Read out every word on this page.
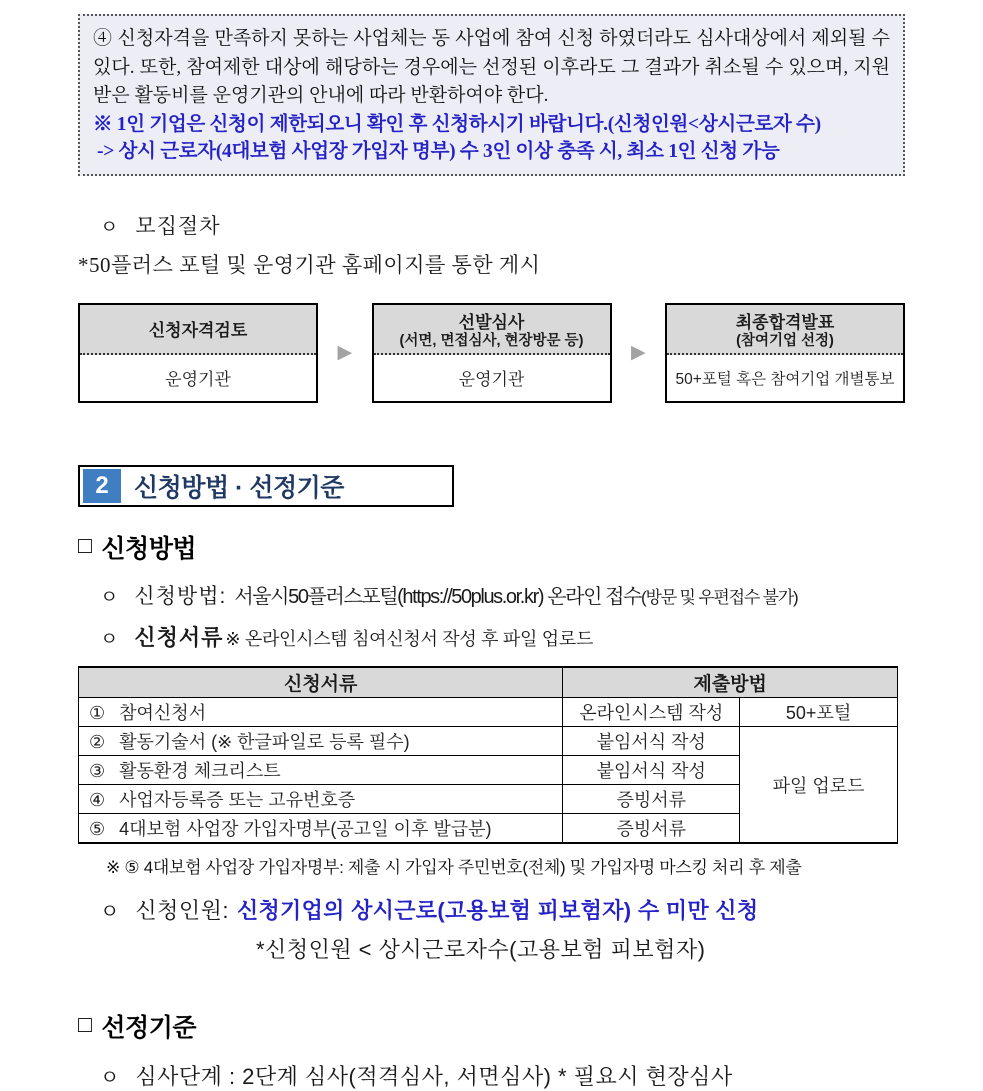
④ 신청자격을 만족하지 못하는 사업체는 동 사업에 참여 신청 하였더라도 심사대상에서 제외될 수 있다. 또한, 참여제한 대상에 해당하는 경우에는 선정된 이후라도 그 결과가 취소될 수 있으며, 지원받은 활동비를 운영기관의 안내에 따라 반환하여야 한다.
※ 1인 기업은 신청이 제한되오니 확인 후 신청하시기 바랍니다.(신청인원<상시근로자 수)
-> 상시 근로자(4대보험 사업장 가입자 명부) 수 3인 이상 충족 시, 최소 1인 신청 가능
ㅇ 모집절차
*50플러스 포털 및 운영기관 홈페이지를 통한 게시
신청자격검토
운영기관
▶
선발심사
(서면, 면접심사, 현장방문 등)
운영기관
▶
최종합격발표
(참여기업 선정)
50+포털 혹은 참여기업 개별통보
2	신청방법 · 선정기준
□ 신청방법
ㅇ 신청방법: 서울시50플러스포털(https://50plus.or.kr) 온라인 접수(방문 및 우편접수 불가)
ㅇ 신청서류 ※ 온라인시스템 침여신청서 작성 후 파일 업로드
신청서류	제출방법	
① 참여신청서	온라인시스템 작성	50+포털
② 활동기술서 (※ 한글파일로 등록 필수)	붙임서식 작성	파일 업로드
③ 활동환경 체크리스트	붙임서식 작성	
④ 사업자등록증 또는 고유번호증	증빙서류	
⑤ 4대보험 사업장 가입자명부(공고일 이후 발급분)	증빙서류	
※ ⑤ 4대보험 사업장 가입자명부: 제출 시 가입자 주민번호(전체) 및 가입자명 마스킹 처리 후 제출
ㅇ 신청인원: 신청기업의 상시근로(고용보험 피보험자) 수 미만 신청
*신청인원 < 상시근로자수(고용보험 피보험자)
□ 선정기준
ㅇ 심사단계 : 2단계 심사(적격심사, 서면심사) * 필요시 현장심사
